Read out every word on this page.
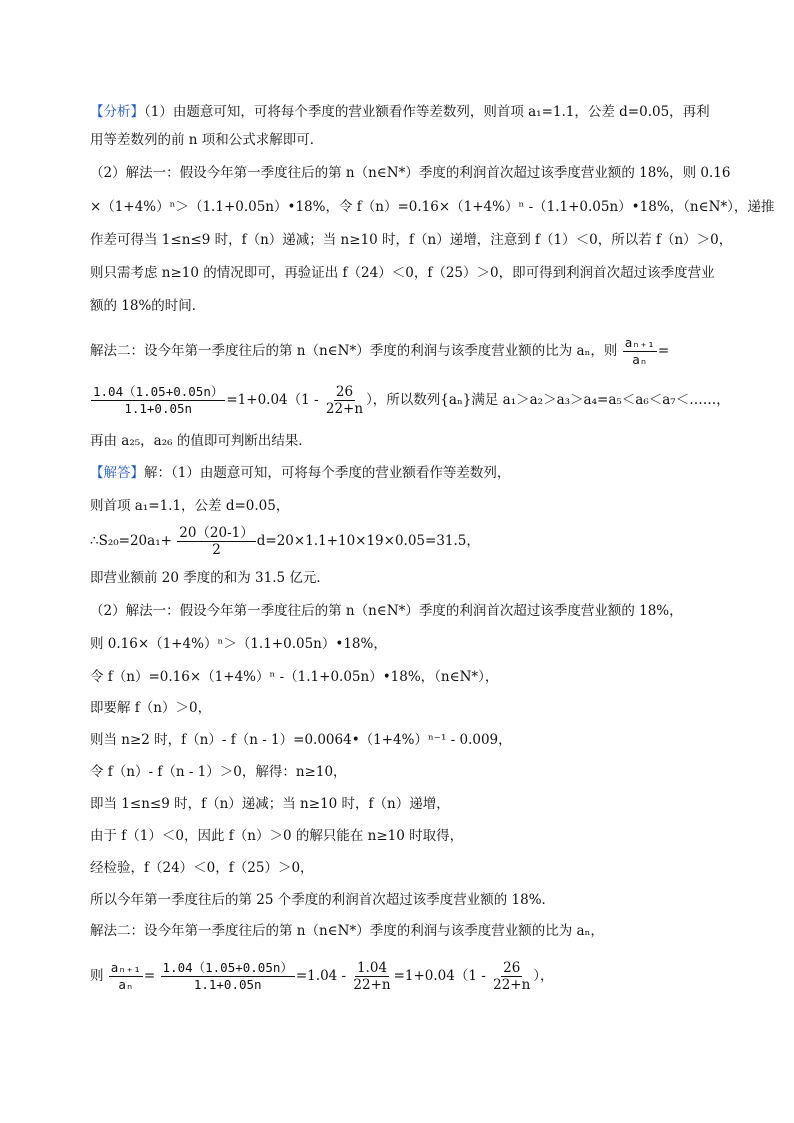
【分析】（1）由题意可知，可将每个季度的营业额看作等差数列，则首项 a₁=1.1，公差 d=0.05，再利
用等差数列的前 n 项和公式求解即可．
（2）解法一：假设今年第一季度往后的第 n（n∈N*）季度的利润首次超过该季度营业额的 18%，则 0.16
×（1+4%）ⁿ＞（1.1+0.05n）•18%，令 f（n）=0.16×（1+4%）ⁿ -（1.1+0.05n）•18%，（n∈N*），递推
作差可得当 1≤n≤9 时，f（n）递减；当 n≥10 时，f（n）递增，注意到 f（1）＜0，所以若 f（n）＞0，
则只需考虑 n≥10 的情况即可，再验证出 f（24）＜0，f（25）＞0，即可得到利润首次超过该季度营业
额的 18%的时间．
解法二：设今年第一季度往后的第 n（n∈N*）季度的利润与该季度营业额的比为 aₙ，则 $\frac{\text{aₙ₊₁}}{\text{aₙ}}$ =
$\frac{1.04(1.05+0.05n)}{1.1+0.05n} =1+0.04(1 - \frac{26}{22+n}$ ），所以数列{aₙ}满足 a₁＞a₂＞a₃＞a₄=a₅＜a₆＜a₇＜……，
再由 a₂₅，a₂₆ 的值即可判断出结果．
【解答】解：（1）由题意可知，可将每个季度的营业额看作等差数列，
则首项 a₁=1.1，公差 d=0.05，
∴S₂₀=20a₁+ $\frac{20(20-1)}{2} d=20\times 1.1+10\times 19\times 0.05=31.5$，
即营业额前 20 季度的和为 31.5 亿元．
（2）解法一：假设今年第一季度往后的第 n（n∈N*）季度的利润首次超过该季度营业额的 18%，
则 0.16×（1+4%）ⁿ＞（1.1+0.05n）•18%，
令 f（n）=0.16×（1+4%）ⁿ -（1.1+0.05n）•18%，（n∈N*），
即要解 f（n）＞0，
则当 n≥2 时，f（n）- f（n - 1）=0.0064•（1+4%）ⁿ⁻¹ - 0.009，
令 f（n）- f（n - 1）＞0，解得：n≥10，
即当 1≤n≤9 时，f（n）递减；当 n≥10 时，f（n）递增，
由于 f（1）＜0，因此 f（n）＞0 的解只能在 n≥10 时取得，
经检验，f（24）＜0，f（25）＞0，
所以今年第一季度往后的第 25 个季度的利润首次超过该季度营业额的 18%．
解法二：设今年第一季度往后的第 n（n∈N*）季度的利润与该季度营业额的比为 aₙ，
则 $\frac{\text{aₙ₊₁}}{\text{aₙ}} = \frac{1.04(1.05+0.05n)}{1.1+0.05n} =1.04 - \frac{1.04}{22+n} =1+0.04(1 - \frac{26}{22+n}$ ），
